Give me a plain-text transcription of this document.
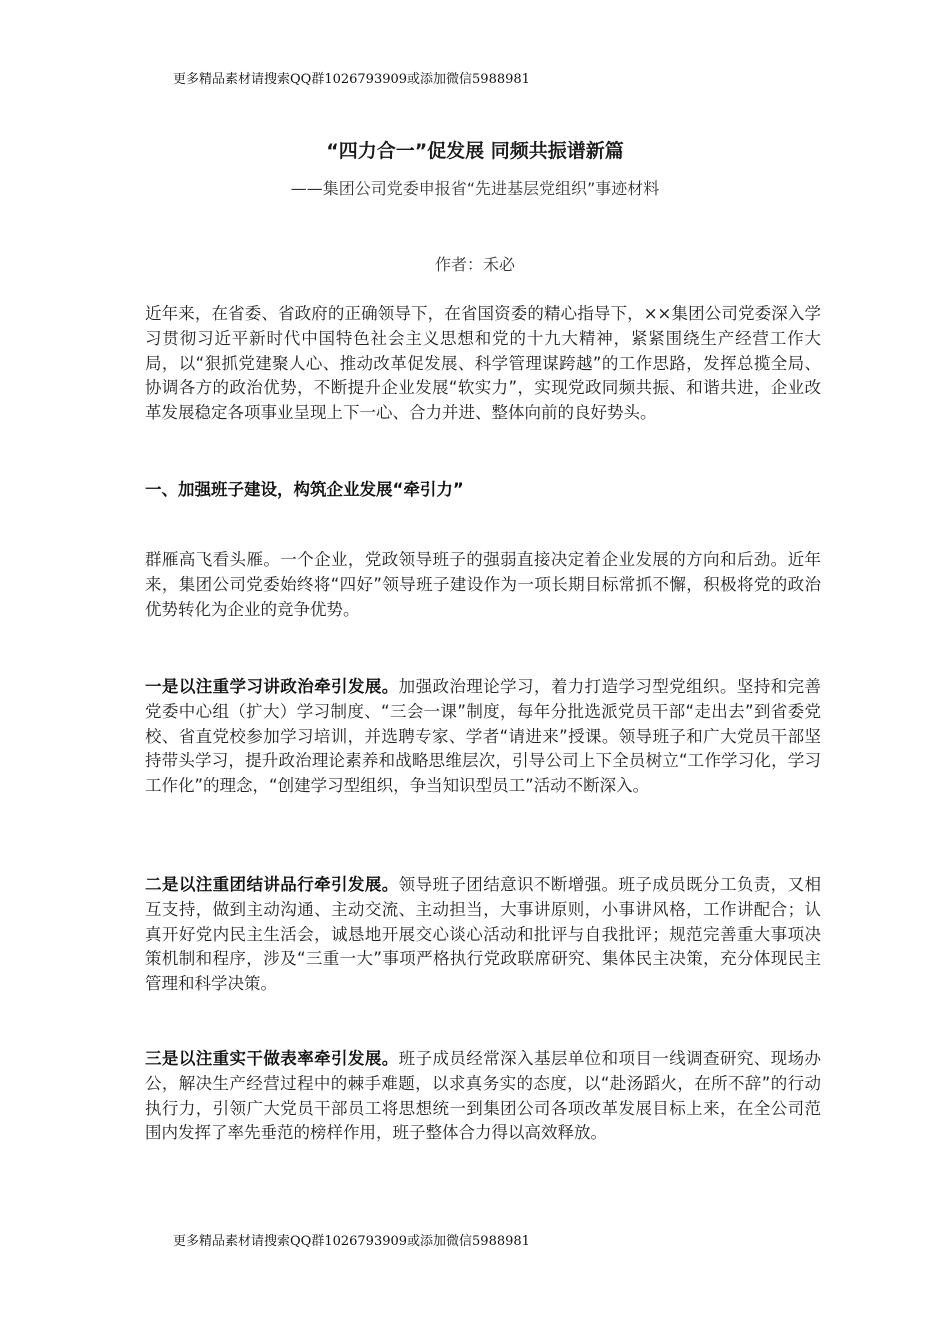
更多精品素材请搜索QQ群1026793909或添加微信5988981
“四力合一”促发展 同频共振谱新篇
——集团公司党委申报省“先进基层党组织”事迹材料
作者：禾必
近年来，在省委、省政府的正确领导下，在省国资委的精心指导下，××集团公司党委深入学习贯彻习近平新时代中国特色社会主义思想和党的十九大精神，紧紧围绕生产经营工作大局，以“狠抓党建聚人心、推动改革促发展、科学管理谋跨越”的工作思路，发挥总揽全局、协调各方的政治优势，不断提升企业发展“软实力”，实现党政同频共振、和谐共进，企业改革发展稳定各项事业呈现上下一心、合力并进、整体向前的良好势头。
一、加强班子建设，构筑企业发展“牵引力”
群雁高飞看头雁。一个企业，党政领导班子的强弱直接决定着企业发展的方向和后劲。近年来，集团公司党委始终将“四好”领导班子建设作为一项长期目标常抓不懈，积极将党的政治优势转化为企业的竞争优势。
一是以注重学习讲政治牵引发展。加强政治理论学习，着力打造学习型党组织。坚持和完善党委中心组（扩大）学习制度、“三会一课”制度，每年分批选派党员干部“走出去”到省委党校、省直党校参加学习培训，并选聘专家、学者“请进来”授课。领导班子和广大党员干部坚持带头学习，提升政治理论素养和战略思维层次，引导公司上下全员树立“工作学习化，学习工作化”的理念，“创建学习型组织，争当知识型员工”活动不断深入。
二是以注重团结讲品行牵引发展。领导班子团结意识不断增强。班子成员既分工负责，又相互支持，做到主动沟通、主动交流、主动担当，大事讲原则，小事讲风格，工作讲配合；认真开好党内民主生活会，诚恳地开展交心谈心活动和批评与自我批评；规范完善重大事项决策机制和程序，涉及“三重一大”事项严格执行党政联席研究、集体民主决策，充分体现民主管理和科学决策。
三是以注重实干做表率牵引发展。班子成员经常深入基层单位和项目一线调查研究、现场办公，解决生产经营过程中的棘手难题，以求真务实的态度，以“赴汤蹈火，在所不辞”的行动执行力，引领广大党员干部员工将思想统一到集团公司各项改革发展目标上来，在全公司范围内发挥了率先垂范的榜样作用，班子整体合力得以高效释放。
更多精品素材请搜索QQ群1026793909或添加微信5988981
